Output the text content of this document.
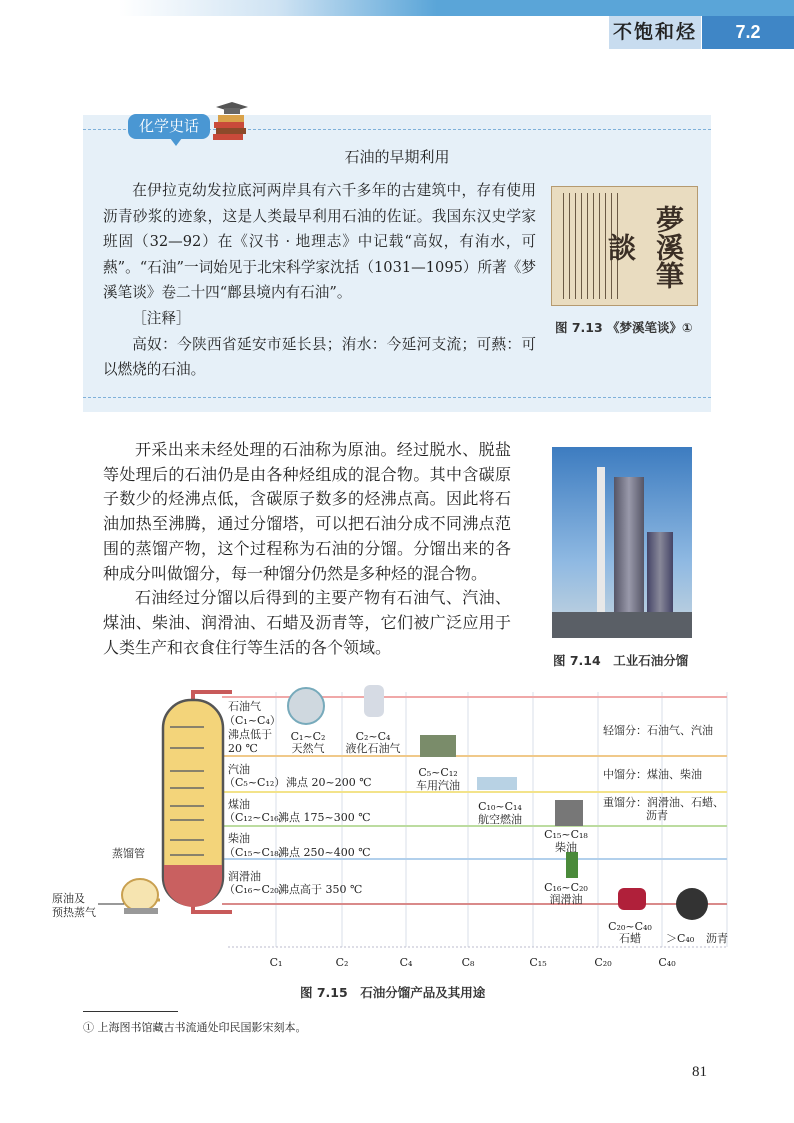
不饱和烃	7.2
化学史话
石油的早期利用

在伊拉克幼发拉底河两岸具有六千多年的古建筑中，存有使用沥青砂浆的迹象，这是人类最早利用石油的佐证。我国东汉史学家班固（32—92）在《汉书 · 地理志》中记载“高奴，有洧水，可爇”。“石油”一词始见于北宋科学家沈括（1031—1095）所著《梦溪笔谈》卷二十四“鄜县境内有石油”。

［注释］

高奴：今陕西省延安市延长县；洧水：今延河支流；可爇：可以燃烧的石油。

夢溪筆談
图 7.13 《梦溪笔谈》①

开采出来未经处理的石油称为原油。经过脱水、脱盐等处理后的石油仍是由各种烃组成的混合物。其中含碳原子数少的烃沸点低，含碳原子数多的烃沸点高。因此将石油加热至沸腾，通过分馏塔，可以把石油分成不同沸点范围的蒸馏产物，这个过程称为石油的分馏。分馏出来的各种成分叫做馏分，每一种馏分仍然是多种烃的混合物。

石油经过分馏以后得到的主要产物有石油气、汽油、煤油、柴油、润滑油、石蜡及沥青等，它们被广泛应用于人类生产和衣食住行等生活的各个领域。

图 7.14　工业石油分馏
石油气
（C₁~C₄）
沸点低于
20 ℃
汽油
（C₅~C₁₂） 沸点 20~200 ℃
煤油
（C₁₂~C₁₆）
沸点 175~300 ℃
柴油
（C₁₅~C₁₈）
沸点 250~400 ℃
润滑油
（C₁₆~C₂₀）
沸点高于 350 ℃
蒸馏管
原油及
预热蒸气
C₁~C₂
天然气
C₂~C₄
液化石油气
C₅~C₁₂
车用汽油
C₁₀~C₁₄
航空燃油
C₁₅~C₁₈
柴油
C₁₆~C₂₀
润滑油
C₂₀~C₄₀
石蜡 ＞C₄₀ 沥青
轻馏分：石油气、汽油
中馏分：煤油、柴油
重馏分：润滑油、石蜡、
沥青
C₁	C₂	C₄	C₈	C₁₅	C₂₀	C₄₀
图 7.15　石油分馏产品及其用途
① 上海图书馆藏古书流通处印民国影宋刻本。
81
